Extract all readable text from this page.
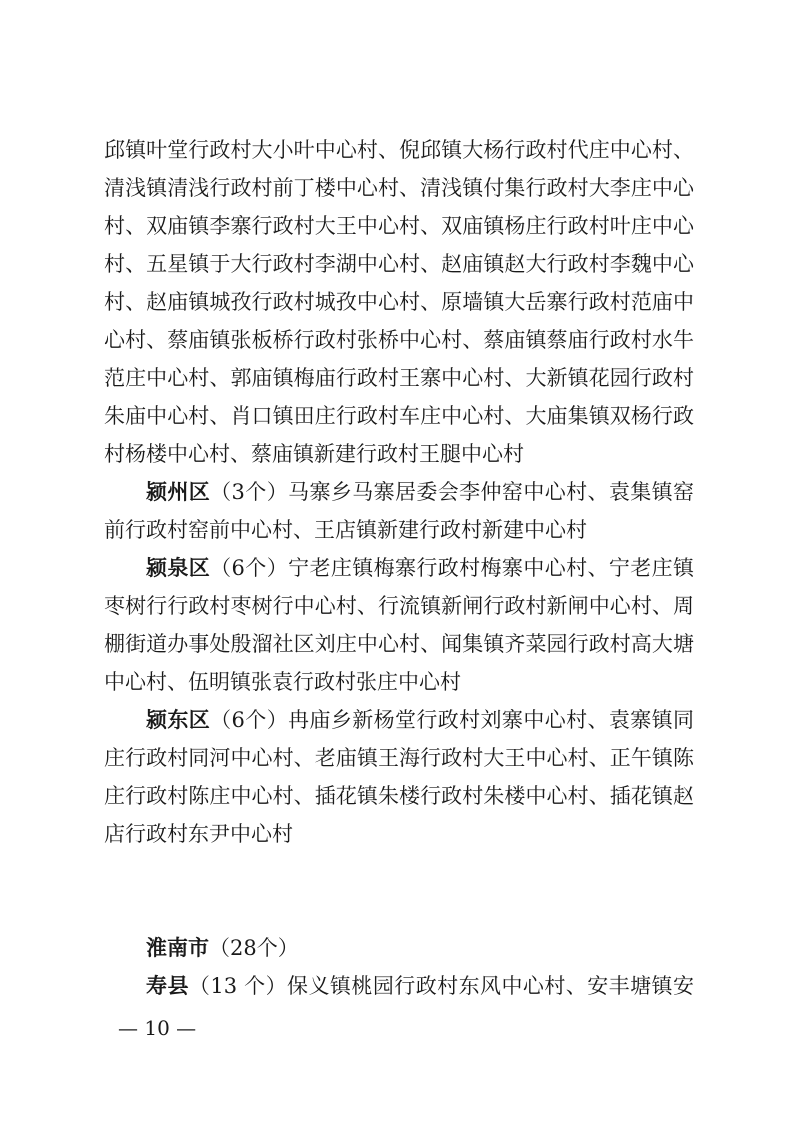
邱镇叶堂行政村大小叶中心村、倪邱镇大杨行政村代庄中心村、
清浅镇清浅行政村前丁楼中心村、清浅镇付集行政村大李庄中心
村、双庙镇李寨行政村大王中心村、双庙镇杨庄行政村叶庄中心
村、五星镇于大行政村李湖中心村、赵庙镇赵大行政村李魏中心
村、赵庙镇城孜行政村城孜中心村、原墙镇大岳寨行政村范庙中
心村、蔡庙镇张板桥行政村张桥中心村、蔡庙镇蔡庙行政村水牛
范庄中心村、郭庙镇梅庙行政村王寨中心村、大新镇花园行政村
朱庙中心村、肖口镇田庄行政村车庄中心村、大庙集镇双杨行政
村杨楼中心村、蔡庙镇新建行政村王腿中心村
颍州区（3个）马寨乡马寨居委会李仲窑中心村、袁集镇窑
前行政村窑前中心村、王店镇新建行政村新建中心村
颍泉区（6个）宁老庄镇梅寨行政村梅寨中心村、宁老庄镇
枣树行行政村枣树行中心村、行流镇新闸行政村新闸中心村、周
棚街道办事处殷溜社区刘庄中心村、闻集镇齐菜园行政村高大塘
中心村、伍明镇张袁行政村张庄中心村
颍东区（6个）冉庙乡新杨堂行政村刘寨中心村、袁寨镇同
庄行政村同河中心村、老庙镇王海行政村大王中心村、正午镇陈
庄行政村陈庄中心村、插花镇朱楼行政村朱楼中心村、插花镇赵
店行政村东尹中心村
淮南市（28个）
寿县（13 个）保义镇桃园行政村东风中心村、安丰塘镇安
— 10 —
